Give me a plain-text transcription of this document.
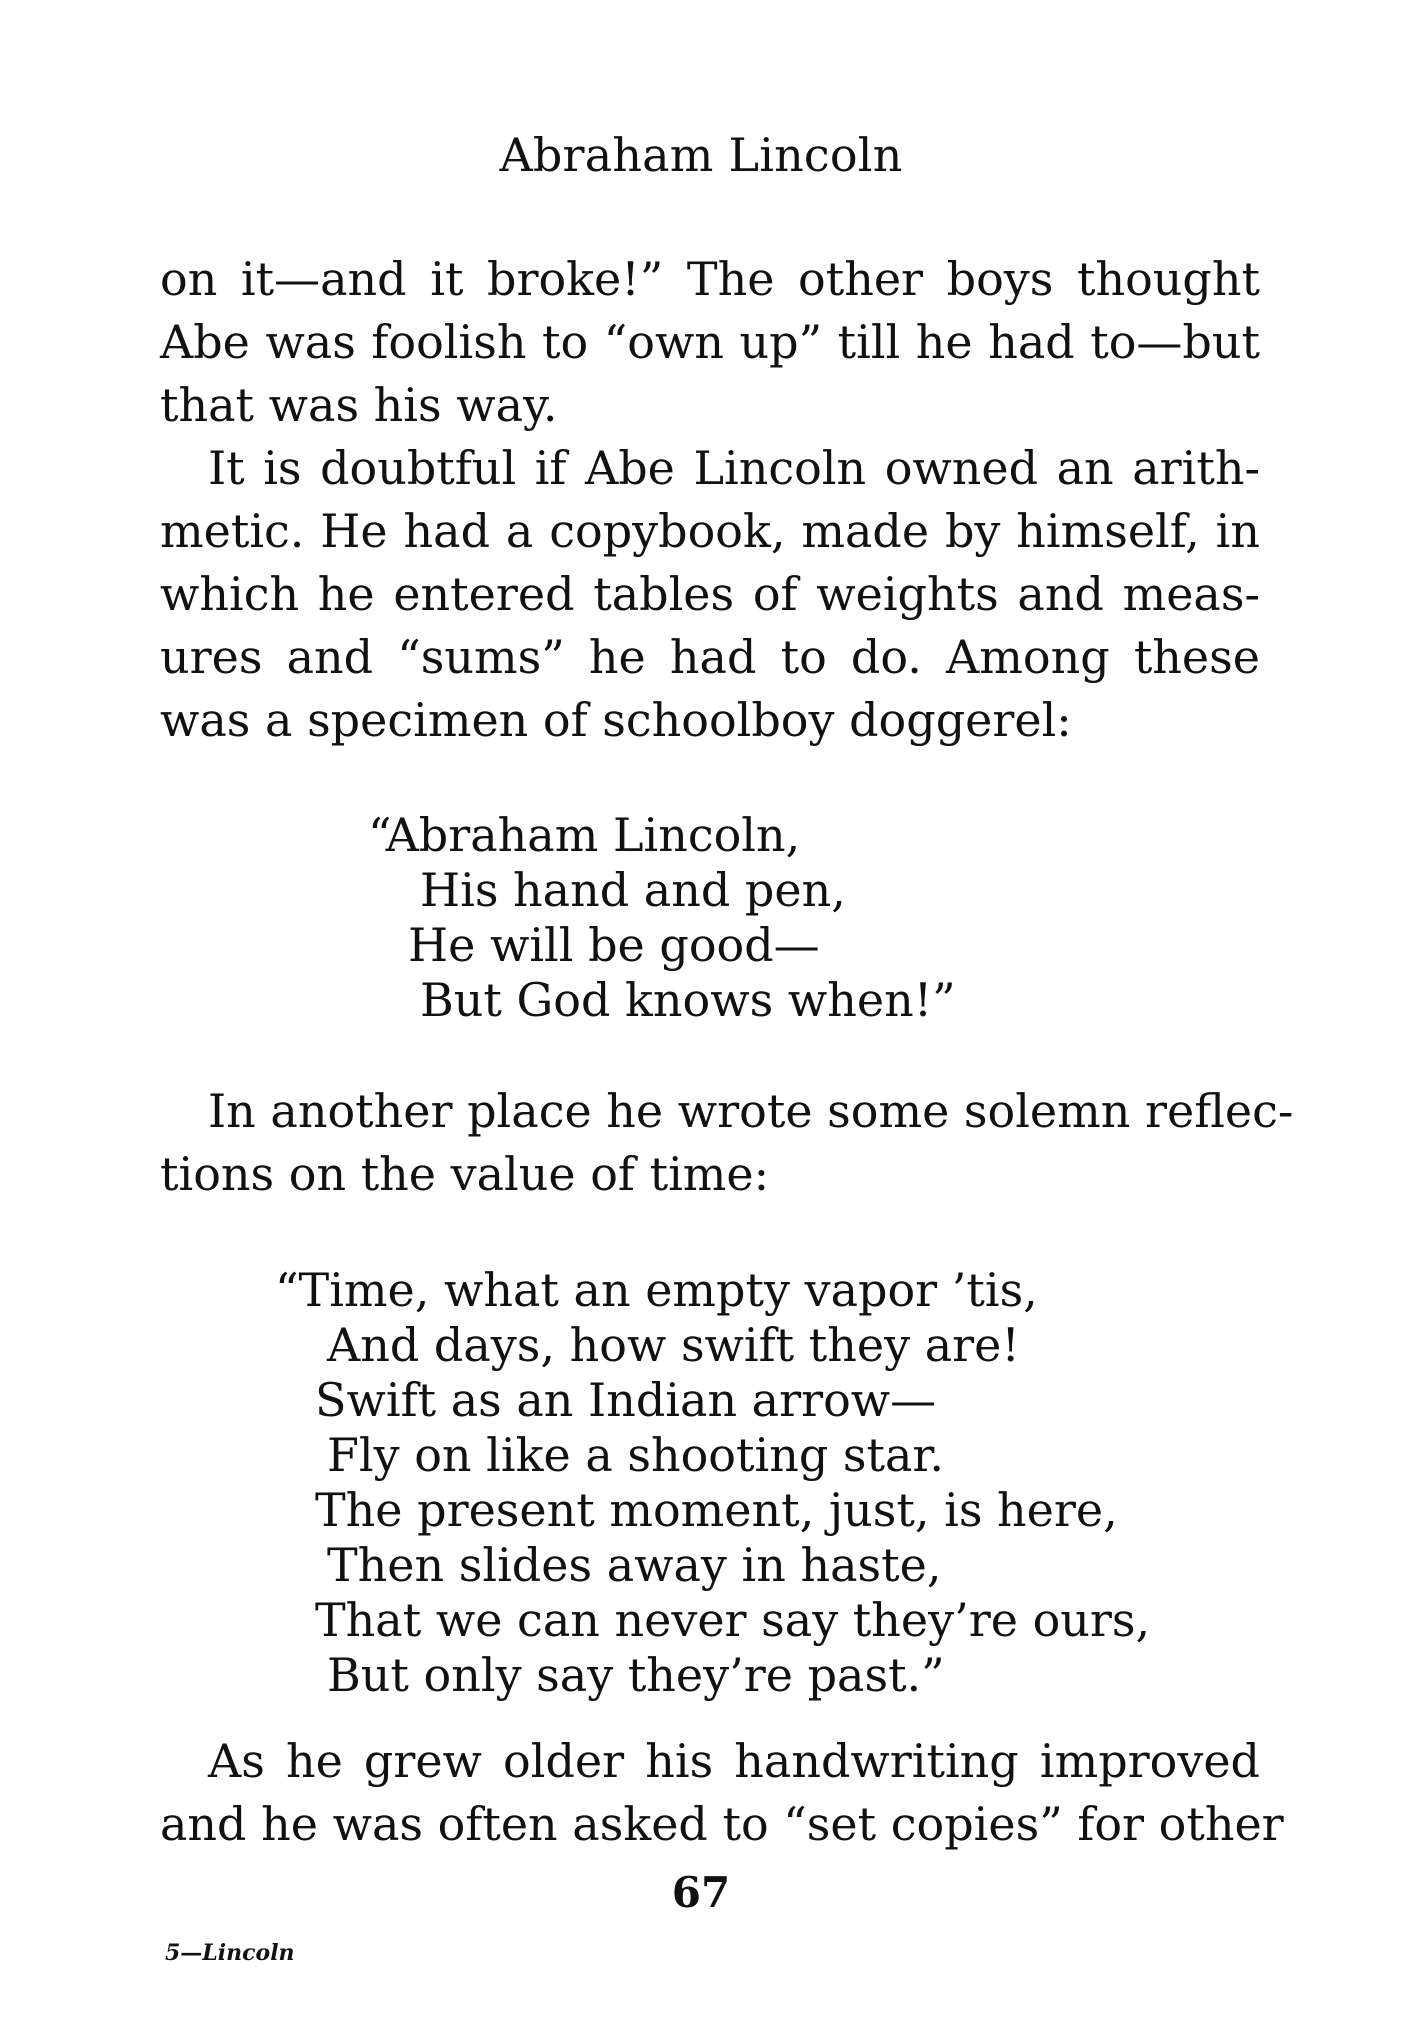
Abraham Lincoln
on it—and it broke!” The other boys thought
Abe was foolish to “own up” till he had to—but
that was his way.
It is doubtful if Abe Lincoln owned an arith-
metic. He had a copybook, made by himself, in
which he entered tables of weights and meas-
ures and “sums” he had to do. Among these
was a specimen of schoolboy doggerel:
“Abraham Lincoln,
His hand and pen,
He will be good—
But God knows when!”
In another place he wrote some solemn reflec-
tions on the value of time:
“Time, what an empty vapor ’tis,
And days, how swift they are!
Swift as an Indian arrow—
Fly on like a shooting star.
The present moment, just, is here,
Then slides away in haste,
That we can never say they’re ours,
But only say they’re past.”
As he grew older his handwriting improved
and he was often asked to “set copies” for other
67
5—Lincoln
